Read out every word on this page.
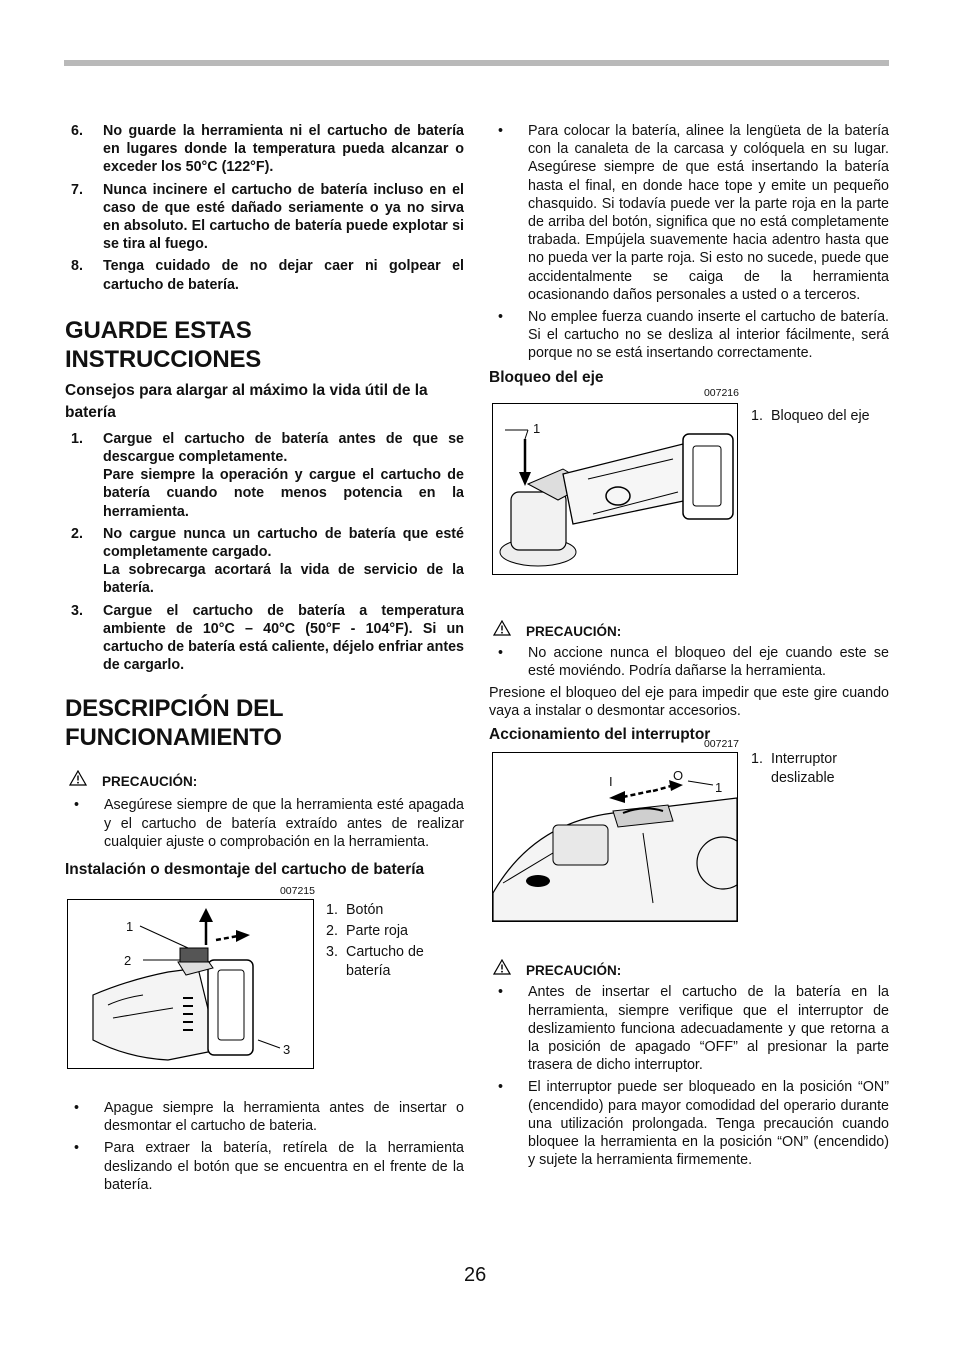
6. No guarde la herramienta ni el cartucho de batería en lugares donde la temperatura pueda alcanzar o exceder los 50°C (122°F).
7. Nunca incinere el cartucho de batería incluso en el caso de que esté dañado seriamente o ya no sirva en absoluto. El cartucho de batería puede explotar si se tira al fuego.
8. Tenga cuidado de no dejar caer ni golpear el cartucho de batería.
GUARDE ESTAS INSTRUCCIONES
Consejos para alargar al máximo la vida útil de la batería
1. Cargue el cartucho de batería antes de que se descargue completamente.
Pare siempre la operación y cargue el cartucho de batería cuando note menos potencia en la herramienta.
2. No cargue nunca un cartucho de batería que esté completamente cargado.
La sobrecarga acortará la vida de servicio de la batería.
3. Cargue el cartucho de batería a temperatura ambiente de 10°C – 40°C (50°F - 104°F). Si un cartucho de batería está caliente, déjelo enfriar antes de cargarlo.
DESCRIPCIÓN DEL FUNCIONAMIENTO
PRECAUCIÓN:
• Asegúrese siempre de que la herramienta esté apagada y el cartucho de batería extraído antes de realizar cualquier ajuste o comprobación en la herramienta.
Instalación o desmontaje del cartucho de batería
007215
1
2
3
1. Botón
2. Parte roja
3. Cartucho de batería
• Apague siempre la herramienta antes de insertar o desmontar el cartucho de bateria.
• Para extraer la batería, retírela de la herramienta deslizando el botón que se encuentra en el frente de la batería.
• Para colocar la batería, alinee la lengüeta de la batería con la canaleta de la carcasa y colóquela en su lugar. Asegúrese siempre de que está insertando la batería hasta el final, en donde hace tope y emite un pequeño chasquido. Si todavía puede ver la parte roja en la parte de arriba del botón, significa que no está completamente trabada. Empújela suavemente hacia adentro hasta que no pueda ver la parte roja. Si esto no sucede, puede que accidentalmente se caiga de la herramienta ocasionando daños personales a usted o a terceros.
• No emplee fuerza cuando inserte el cartucho de batería. Si el cartucho no se desliza al interior fácilmente, será porque no se está insertando correctamente.
Bloqueo del eje
007216
1
1. Bloqueo del eje
PRECAUCIÓN:
• No accione nunca el bloqueo del eje cuando este se esté moviéndo. Podría dañarse la herramienta.

Presione el bloqueo del eje para impedir que este gire cuando vaya a instalar o desmontar accesorios.

Accionamiento del interruptor
007217
I	O
1
1. Interruptor deslizable
PRECAUCIÓN:
• Antes de insertar el cartucho de la batería en la herramienta, siempre verifique que el interruptor de deslizamiento funciona adecuadamente y que retorna a la posición de apagado “OFF” al presionar la parte trasera de dicho interruptor.
• El interruptor puede ser bloqueado en la posición “ON” (encendido) para mayor comodidad del operario durante una utilización prolongada. Tenga precaución cuando bloquee la herramienta en la posición “ON” (encendido) y sujete la herramienta firmemente.
26
